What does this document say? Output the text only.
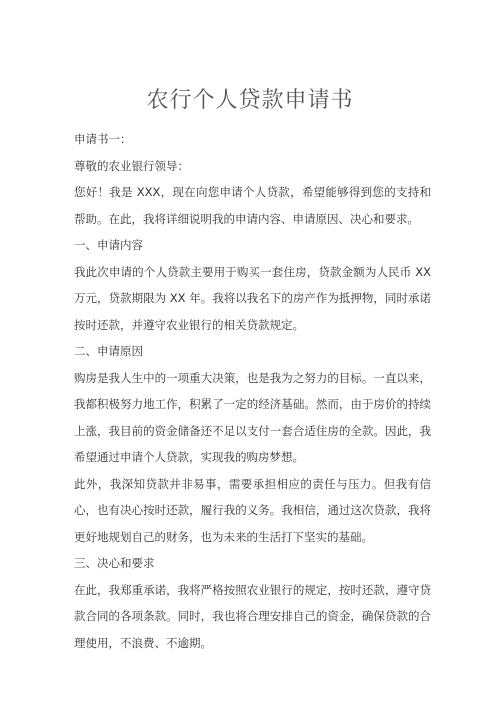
农行个人贷款申请书

申请书一：

尊敬的农业银行领导：

您好！我是 XXX，现在向您申请个人贷款，希望能够得到您的支持和帮助。在此，我将详细说明我的申请内容、申请原因、决心和要求。

一、申请内容

我此次申请的个人贷款主要用于购买一套住房，贷款金额为人民币 XX 万元，贷款期限为 XX 年。我将以我名下的房产作为抵押物，同时承诺按时还款，并遵守农业银行的相关贷款规定。

二、申请原因

购房是我人生中的一项重大决策，也是我为之努力的目标。一直以来，我都积极努力地工作，积累了一定的经济基础。然而，由于房价的持续上涨，我目前的资金储备还不足以支付一套合适住房的全款。因此，我希望通过申请个人贷款，实现我的购房梦想。

此外，我深知贷款并非易事，需要承担相应的责任与压力。但我有信心，也有决心按时还款，履行我的义务。我相信，通过这次贷款，我将更好地规划自己的财务，也为未来的生活打下坚实的基础。

三、决心和要求

在此，我郑重承诺，我将严格按照农业银行的规定，按时还款，遵守贷款合同的各项条款。同时，我也将合理安排自己的资金，确保贷款的合理使用，不浪费、不逾期。
